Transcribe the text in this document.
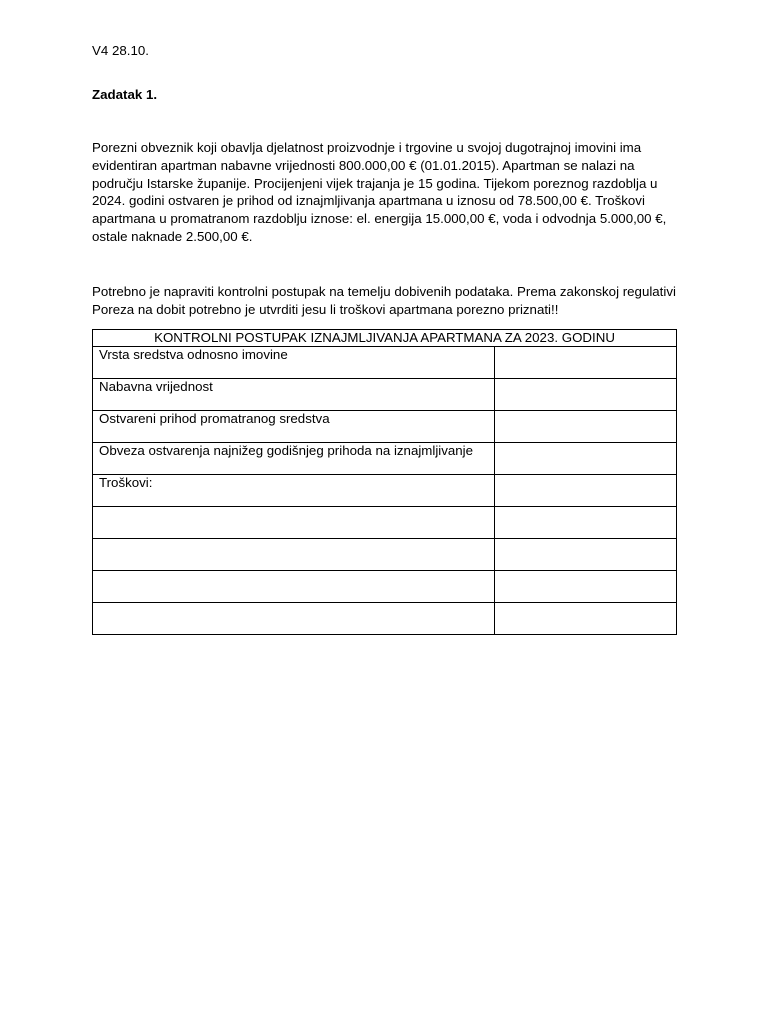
V4 28.10.
Zadatak 1.
Porezni obveznik koji obavlja djelatnost proizvodnje i trgovine u svojoj dugotrajnoj imovini ima
evidentiran apartman nabavne vrijednosti 800.000,00 € (01.01.2015). Apartman se nalazi na
području Istarske županije. Procijenjeni vijek trajanja je 15 godina. Tijekom poreznog razdoblja u
2024. godini ostvaren je prihod od iznajmljivanja apartmana u iznosu od 78.500,00 €. Troškovi
apartmana u promatranom razdoblju iznose: el. energija 15.000,00 €, voda i odvodnja 5.000,00 €,
ostale naknade 2.500,00 €.
Potrebno je napraviti kontrolni postupak na temelju dobivenih podataka. Prema zakonskoj regulativi
Poreza na dobit potrebno je utvrditi jesu li troškovi apartmana porezno priznati!!
KONTROLNI POSTUPAK IZNAJMLJIVANJA APARTMANA ZA 2023. GODINU	
Vrsta sredstva odnosno imovine	
Nabavna vrijednost	
Ostvareni prihod promatranog sredstva	
Obveza ostvarenja najnižeg godišnjeg prihoda na iznajmljivanje	
Troškovi:	
